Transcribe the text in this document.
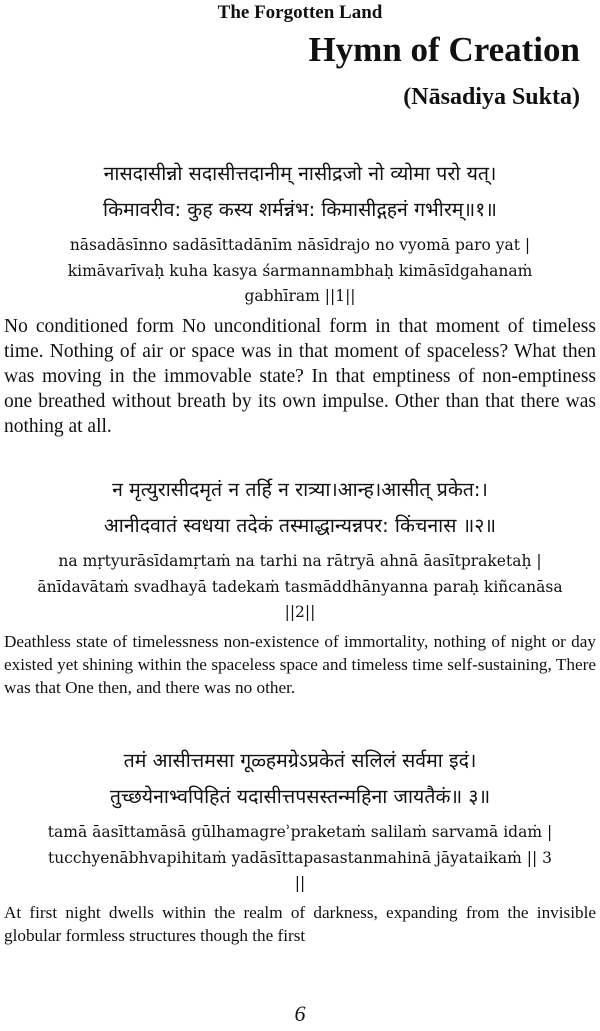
The Forgotten Land
Hymn of Creation
(Nāsadiya Sukta)
नासदासीन्नो सदासीत्तदानीम् नासीद्रजो नो व्योमा परो यत्।
किमावरीव: कुह कस्य शर्मन्नंभ: किमासीद्गहनं गभीरम्॥१॥
nāsadāsīnno sadāsīttadānīm nāsīdrajo no vyomā paro yat |
kimāvarīvaḥ kuha kasya śarmannambhaḥ kimāsīdgahanaṁ
gabhīram ||1||
No conditioned form No unconditional form in that moment of timeless time. Nothing of air or space was in that moment of spaceless? What then was moving in the immovable state? In that emptiness of non-emptiness one breathed without breath by its own impulse. Other than that there was nothing at all.
न मृत्युरासीदमृतं न तर्हि न रात्र्या।आन्ह।आसीत् प्रकेत:।
आनीदवातं स्वधया तदेकं तस्माद्धान्यन्नपर: किंचनास ॥२॥
na mṛtyurāsīdamṛtaṁ na tarhi na rātryā ahnā āasītpraketaḥ |
ānīdavātaṁ svadhayā tadekaṁ tasmāddhānyanna paraḥ kiñcanāsa
||2||
Deathless state of timelessness non-existence of immortality, nothing of night or day existed yet shining within the spaceless space and timeless time self-sustaining, There was that One then, and there was no other.
तमं आसीत्तमसा गूळ्हमग्रेऽप्रकेतं सलिलं सर्वमा इदं।
तुच्छयेनाभ्वपिहितं यदासीत्तपसस्तन्महिना जायतैकं॥ ३॥
tamā āasīttamāsā gūlhamagreʾpraketaṁ salilaṁ sarvamā idaṁ |
tucchyenābhvapihitaṁ yadāsīttapasastanmahinā jāyataikaṁ || 3
||
At first night dwells within the realm of darkness, expanding from the invisible globular formless structures though the first
6
